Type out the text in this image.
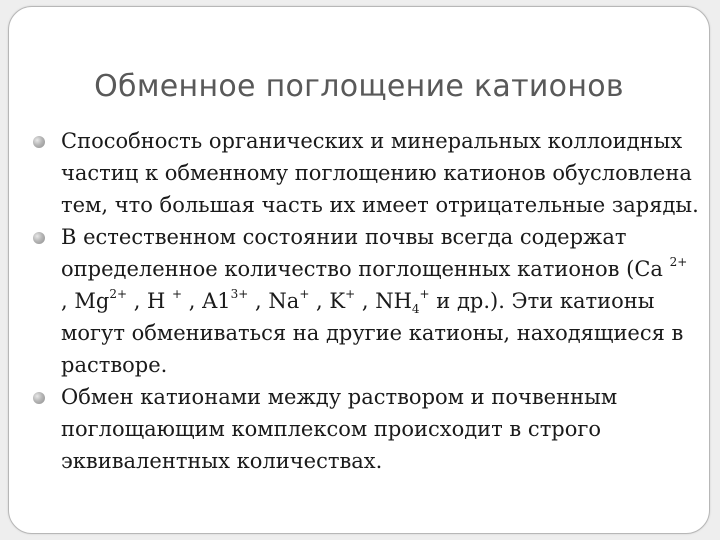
Обменное поглощение катионов

Способность органических и минеральных коллоидных частиц к обменному поглощению катионов обусловлена тем, что большая часть их имеет отрицательные заряды.

В естественном состоянии почвы всегда содержат определенное количество поглощенных катионов (Ca $^{2+}$ , $Mg^{2+}$ , H + , $A1^{3+}$ , Na+ , K+ , $NH_4^+$ и др.). Эти катионы могут обмениваться на другие катионы, находящиеся в растворе.

Обмен катионами между раствором и почвенным поглощающим комплексом происходит в строго эквивалентных количествах.
